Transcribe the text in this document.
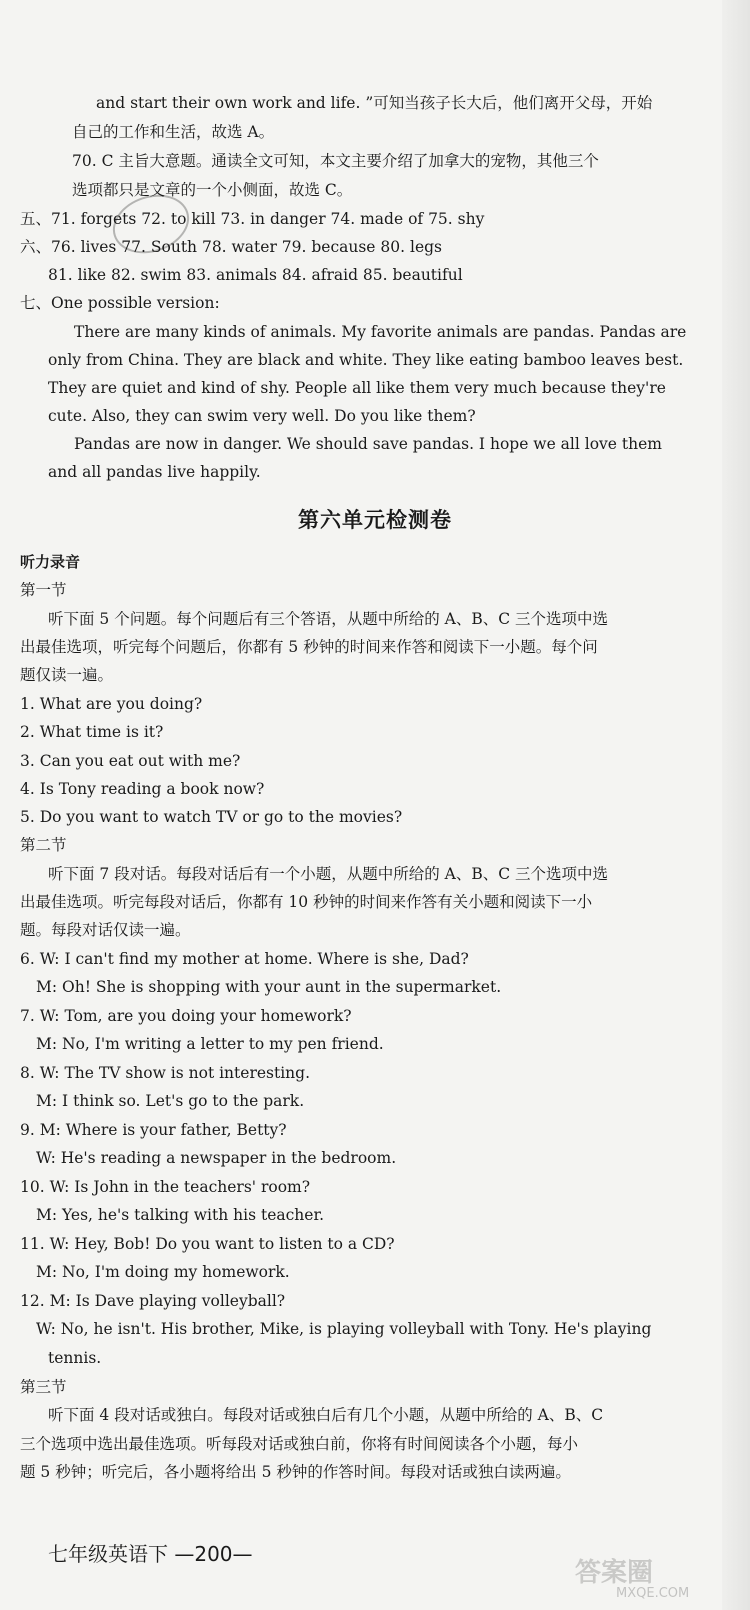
and start their own work and life. ”可知当孩子长大后，他们离开父母，开始
自己的工作和生活，故选 A。
70. C 主旨大意题。通读全文可知，本文主要介绍了加拿大的宠物，其他三个
选项都只是文章的一个小侧面，故选 C。
五、71. forgets 72. to kill 73. in danger 74. made of 75. shy
六、76. lives 77. South 78. water 79. because 80. legs
81. like 82. swim 83. animals 84. afraid 85. beautiful
七、One possible version:
There are many kinds of animals. My favorite animals are pandas. Pandas are
only from China. They are black and white. They like eating bamboo leaves best.
They are quiet and kind of shy. People all like them very much because they're
cute. Also, they can swim very well. Do you like them?
Pandas are now in danger. We should save pandas. I hope we all love them
and all pandas live happily.
第六单元检测卷
听力录音
第一节
听下面 5 个问题。每个问题后有三个答语，从题中所给的 A、B、C 三个选项中选
出最佳选项，听完每个问题后，你都有 5 秒钟的时间来作答和阅读下一小题。每个问
题仅读一遍。
1. What are you doing?
2. What time is it?
3. Can you eat out with me?
4. Is Tony reading a book now?
5. Do you want to watch TV or go to the movies?
第二节
听下面 7 段对话。每段对话后有一个小题，从题中所给的 A、B、C 三个选项中选
出最佳选项。听完每段对话后，你都有 10 秒钟的时间来作答有关小题和阅读下一小
题。每段对话仅读一遍。
6. W: I can't find my mother at home. Where is she, Dad?
M: Oh! She is shopping with your aunt in the supermarket.
7. W: Tom, are you doing your homework?
M: No, I'm writing a letter to my pen friend.
8. W: The TV show is not interesting.
M: I think so. Let's go to the park.
9. M: Where is your father, Betty?
W: He's reading a newspaper in the bedroom.
10. W: Is John in the teachers' room?
M: Yes, he's talking with his teacher.
11. W: Hey, Bob! Do you want to listen to a CD?
M: No, I'm doing my homework.
12. M: Is Dave playing volleyball?
W: No, he isn't. His brother, Mike, is playing volleyball with Tony. He's playing
tennis.
第三节
听下面 4 段对话或独白。每段对话或独白后有几个小题，从题中所给的 A、B、C
三个选项中选出最佳选项。听每段对话或独白前，你将有时间阅读各个小题，每小
题 5 秒钟；听完后，各小题将给出 5 秒钟的作答时间。每段对话或独白读两遍。
七年级英语下 —200—
答案圈
MXQE.COM
